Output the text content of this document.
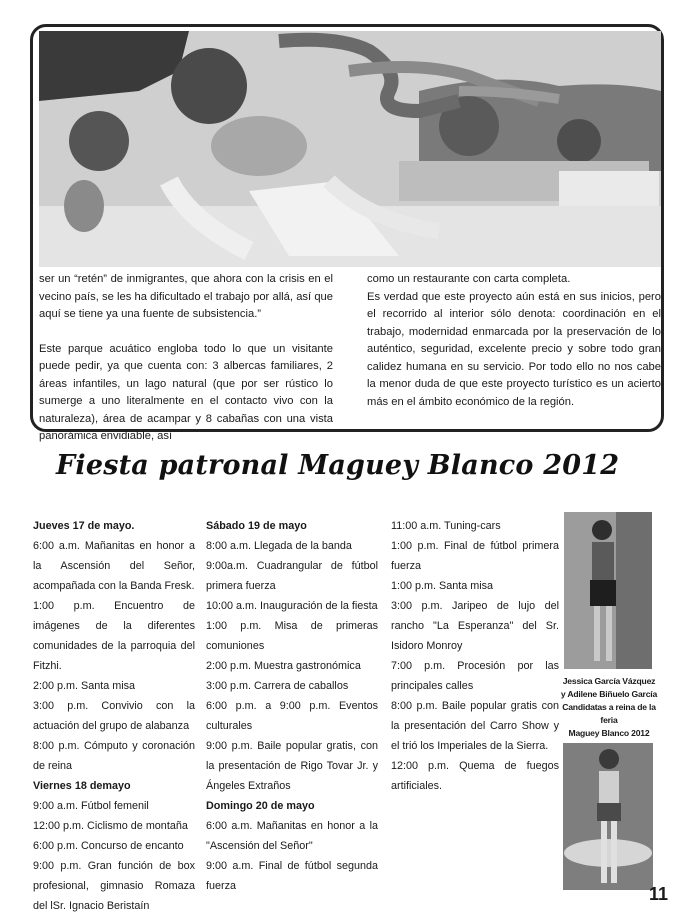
ser un “retén” de inmigrantes, que ahora con la crisis en el vecino país, se les ha dificultado el trabajo por allá, así que aquí se tiene ya una fuente de subsistencia.”

Este parque acuático engloba todo lo que un visitante puede pedir, ya que cuenta con: 3 albercas familiares, 2 áreas infantiles, un lago natural (que por ser rústico lo sumerge a uno literalmente en el contacto vivo con la naturaleza), área de acampar y 8 cabañas con una vista panorámica envidiable, así

como un restaurante con carta completa.

Es verdad que este proyecto aún está en sus inicios, pero el recorrido al interior sólo denota: coordinación en el trabajo, modernidad enmarcada por la preservación de lo auténtico, seguridad, excelente precio y sobre todo gran calidez humana en su servicio. Por todo ello no nos cabe la menor duda de que este proyecto turístico es un acierto más en el ámbito económico de la región.

Fiesta patronal Maguey Blanco 2012
Jueves 17 de mayo.
6:00 a.m. Mañanitas en honor a la Ascensión del Señor, acompañada con la Banda Fresk.
1:00 p.m. Encuentro de imágenes de la diferentes comunidades de la parroquia del Fitzhi.
2:00 p.m. Santa misa
3:00 p.m. Convivio con la actuación del grupo de alabanza
8:00 p.m. Cómputo y coronación de reina
Viernes 18 demayo
9:00 a.m. Fútbol femenil
12:00 p.m. Ciclismo de montaña
6:00 p.m. Concurso de encanto
9:00 p.m. Gran función de box profesional, gimnasio Romaza del lSr. Ignacio Beristaín
Sábado 19 de mayo
8:00 a.m. Llegada de la banda
9:00a.m. Cuadrangular de fútbol primera fuerza
10:00 a.m. Inauguración de la fiesta
1:00 p.m. Misa de primeras comuniones
2:00 p.m. Muestra gastronómica
3:00 p.m. Carrera de caballos
6:00 p.m. a 9:00 p.m. Eventos culturales
9:00 p.m. Baile popular gratis, con la presentación de Rigo Tovar Jr. y Ángeles Extraños
Domingo 20 de mayo
6:00 a.m. Mañanitas en honor a la "Ascensión del Señor"
9:00 a.m. Final de fútbol segunda fuerza
11:00 a.m. Tuning-cars
1:00 p.m. Final de fútbol primera fuerza
1:00 p.m. Santa misa
3:00 p.m. Jaripeo de lujo del rancho "La Esperanza" del Sr. Isidoro Monroy
7:00 p.m. Procesión por las principales calles
8:00 p.m. Baile popular gratis con la presentación del Carro Show y el trió los Imperiales de la Sierra.
12:00 p.m. Quema de fuegos artificiales.
Jessica García Vázquez
y Adilene Biñuelo García
Candidatas a reina de la feria
Maguey Blanco 2012
11
